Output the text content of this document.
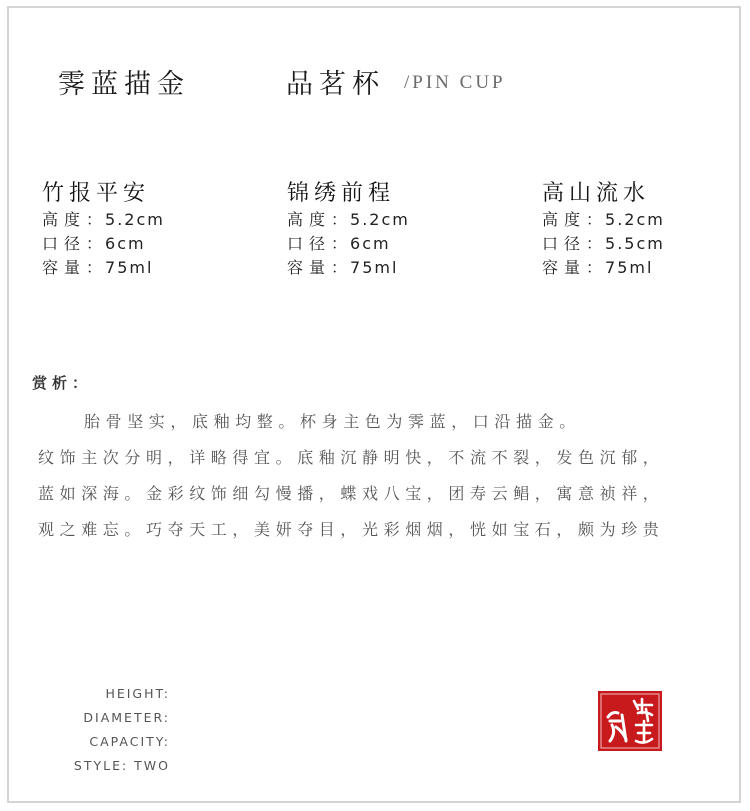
霁蓝描金	品茗杯 /PIN CUP
竹报平安
高度：5.2cm
口径：6cm
容量：75ml
锦绣前程
高度：5.2cm
口径：6cm
容量：75ml
高山流水
高度：5.2cm
口径：5.5cm
容量：75ml
赏析：
胎骨坚实，底釉均整。杯身主色为霁蓝，口沿描金。
纹饰主次分明，详略得宜。底釉沉静明快，不流不裂，发色沉郁，
蓝如深海。金彩纹饰细勾慢播，蝶戏八宝，团寿云鲳，寓意祯祥，
观之难忘。巧夺天工，美妍夺目，光彩烟烟，恍如宝石，颇为珍贵
HEIGHT:
DIAMETER:
CAPACITY:
STYLE: TWO
